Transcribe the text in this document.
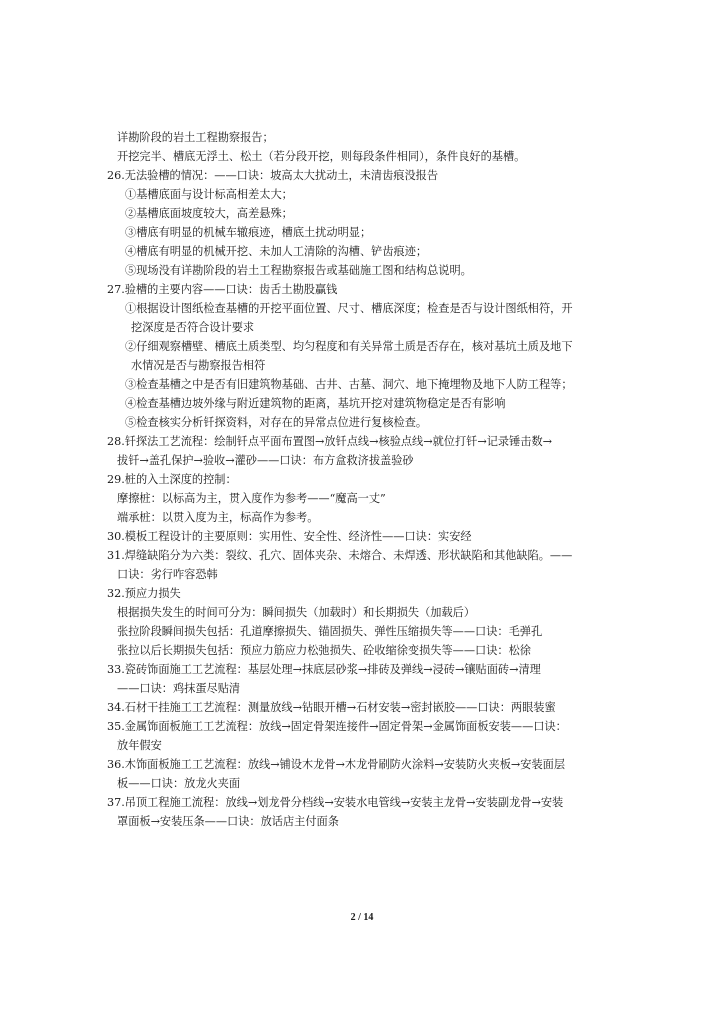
详勘阶段的岩土工程勘察报告；
开挖完半、槽底无浮土、松土（若分段开挖，则每段条件相同），条件良好的基槽。
26.无法验槽的情况：——口诀：坡高太大扰动土，未清齿痕没报告
①基槽底面与设计标高相差太大；
②基槽底面坡度较大，高差悬殊；
③槽底有明显的机械车辙痕迹，槽底土扰动明显；
④槽底有明显的机械开挖、未加人工清除的沟槽、铲齿痕迹；
⑤现场没有详勘阶段的岩土工程勘察报告或基础施工图和结构总说明。
27.验槽的主要内容——口诀：齿舌土勘股贏钱
①根据设计图纸检查基槽的开挖平面位置、尺寸、槽底深度；检查是否与设计图纸相符，开
挖深度是否符合设计要求
②仔细观察槽壁、槽底土质类型、均匀程度和有关异常土质是否存在，核对基坑土质及地下
水情况是否与勘察报告相符
③检查基槽之中是否有旧建筑物基础、古井、古墓、洞穴、地下掩埋物及地下人防工程等；
④检查基槽边坡外缘与附近建筑物的距离，基坑开挖对建筑物稳定是否有影响
⑤检查核实分析钎探资料，对存在的异常点位进行复核检查。
28.钎探法工艺流程：绘制钎点平面布置图→放钎点线→核验点线→就位打钎→记录锤击数→
拔钎→盖孔保护→验收→灌砂——口诀：布方盒救济拔盖验砂
29.桩的入土深度的控制：
摩擦桩：以标高为主，贯入度作为参考——“魔高一丈”
端承桩：以贯入度为主，标高作为参考。
30.模板工程设计的主要原则：实用性、安全性、经济性——口诀：实安经
31.焊缝缺陷分为六类：裂纹、孔穴、固体夹杂、未熔合、未焊透、形状缺陷和其他缺陷。——
口诀：劣行咋容恐韩
32.预应力损失
根据损失发生的时间可分为：瞬间损失（加载时）和长期损失（加载后）
张拉阶段瞬间损失包括：孔道摩擦损失、锚固损失、弹性压缩损失等——口诀：毛弹孔
张拉以后长期损失包括：预应力筋应力松弛损失、砼收缩徐变损失等——口诀：松徐
33.瓷砖饰面施工工艺流程：基层处理→抹底层砂浆→排砖及弹线→浸砖→镶贴面砖→清理
——口诀：鸡抹蛋尽贴清
34.石材干挂施工工艺流程：测量放线→钻眼开槽→石材安装→密封嵌胶——口诀：两眼装蜜
35.金属饰面板施工工艺流程：放线→固定骨架连接件→固定骨架→金属饰面板安装——口诀：
放年假安
36.木饰面板施工工艺流程：放线→铺设木龙骨→木龙骨刷防火涂料→安装防火夹板→安装面层
板——口诀：放龙火夹面
37.吊顶工程施工流程：放线→划龙骨分档线→安装水电管线→安装主龙骨→安装副龙骨→安装
罩面板→安装压条——口诀：放话店主付面条
2 / 14
